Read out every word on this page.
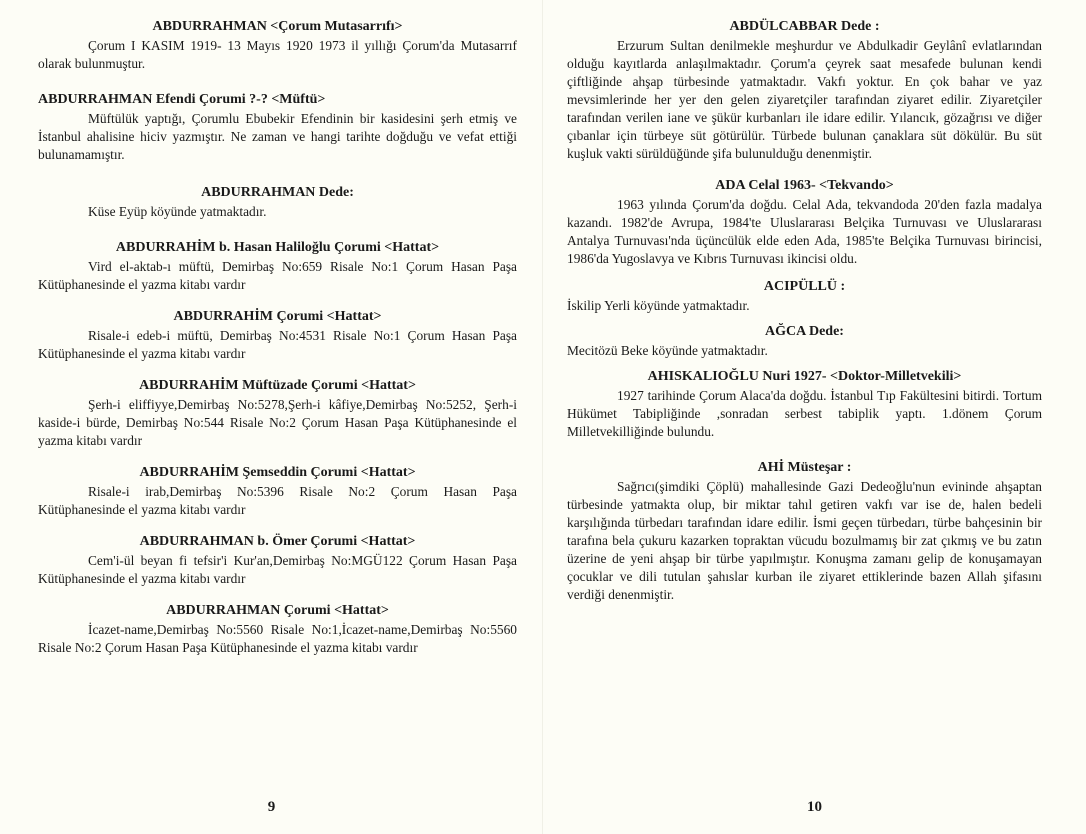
ABDURRAHMAN <Çorum Mutasarrıfı>
Çorum I KASIM 1919- 13 Mayıs 1920 1973 il yıllığı Çorum'da Mutasarrıf olarak bulunmuştur.
ABDURRAHMAN Efendi Çorumi ?-? <Müftü>
Müftülük yaptığı, Çorumlu Ebubekir Efendinin bir kasidesini şerh etmiş ve İstanbul ahalisine hiciv yazmıştır. Ne zaman ve hangi tarihte doğduğu ve vefat ettiği bulunamamıştır.
ABDURRAHMAN Dede:
Küse Eyüp köyünde yatmaktadır.
ABDURRAHİM b. Hasan Haliloğlu Çorumi <Hattat>
Vird el-aktab-ı müftü, Demirbaş No:659 Risale No:1 Çorum Hasan Paşa Kütüphanesinde el yazma kitabı vardır
ABDURRAHİM Çorumi <Hattat>
Risale-i edeb-i müftü, Demirbaş No:4531 Risale No:1 Çorum Hasan Paşa Kütüphanesinde el yazma kitabı vardır
ABDURRAHİM Müftüzade Çorumi <Hattat>
Şerh-i eliffiyye,Demirbaş No:5278,Şerh-i kâfiye,Demirbaş No:5252, Şerh-i kaside-i bürde, Demirbaş No:544 Risale No:2 Çorum Hasan Paşa Kütüphanesinde el yazma kitabı vardır
ABDURRAHİM Şemseddin Çorumi <Hattat>
Risale-i irab,Demirbaş No:5396 Risale No:2 Çorum Hasan Paşa Kütüphanesinde el yazma kitabı vardır
ABDURRAHMAN b. Ömer Çorumi <Hattat>
Cem'i-ül beyan fi tefsir'i Kur'an,Demirbaş No:MGÜ122 Çorum Hasan Paşa Kütüphanesinde el yazma kitabı vardır
ABDURRAHMAN Çorumi <Hattat>
İcazet-name,Demirbaş No:5560 Risale No:1,İcazet-name,Demirbaş No:5560 Risale No:2 Çorum Hasan Paşa Kütüphanesinde el yazma kitabı vardır
9
ABDÜLCABBAR Dede :
Erzurum Sultan denilmekle meşhurdur ve Abdulkadir Geylânî evlatlarından olduğu kayıtlarda anlaşılmaktadır. Çorum'a çeyrek saat mesafede bulunan kendi çiftliğinde ahşap türbesinde yatmaktadır. Vakfı yoktur. En çok bahar ve yaz mevsimlerinde her yer den gelen ziyaretçiler tarafından ziyaret edilir. Ziyaretçiler tarafından verilen iane ve şükür kurbanları ile idare edilir. Yılancık, gözağrısı ve diğer çıbanlar için türbeye süt götürülür. Türbede bulunan çanaklara süt dökülür. Bu süt kuşluk vakti sürüldüğünde şifa bulunulduğu denenmiştir.
ADA Celal 1963- <Tekvando>
1963 yılında Çorum'da doğdu. Celal Ada, tekvandoda 20'den fazla madalya kazandı. 1982'de Avrupa, 1984'te Uluslararası Belçika Turnuvası ve Uluslararası Antalya Turnuvası'nda üçüncülük elde eden Ada, 1985'te Belçika Turnuvası birincisi, 1986'da Yugoslavya ve Kıbrıs Turnuvası ikincisi oldu.
ACIPÜLLÜ :
İskilip Yerli köyünde yatmaktadır.
AĞCA Dede:
Mecitözü Beke köyünde yatmaktadır.
AHISKALIOĞLU Nuri 1927- <Doktor-Milletvekili>
1927 tarihinde Çorum Alaca'da doğdu. İstanbul Tıp Fakültesini bitirdi. Tortum Hükümet Tabipliğinde ,sonradan serbest tabiplik yaptı. 1.dönem Çorum Milletvekilliğinde bulundu.
AHİ Müsteşar :
Sağrıcı(şimdiki Çöplü) mahallesinde Gazi Dedeoğlu'nun evininde ahşaptan türbesinde yatmakta olup, bir miktar tahıl getiren vakfı var ise de, halen bedeli karşılığında türbedarı tarafından idare edilir. İsmi geçen türbedarı, türbe bahçesinin bir tarafına bela çukuru kazarken topraktan vücudu bozulmamış bir zat çıkmış ve bu zatın üzerine de yeni ahşap bir türbe yapılmıştır. Konuşma zamanı gelip de konuşamayan çocuklar ve dili tutulan şahıslar kurban ile ziyaret ettiklerinde bazen Allah şifasını verdiği denenmiştir.
10
